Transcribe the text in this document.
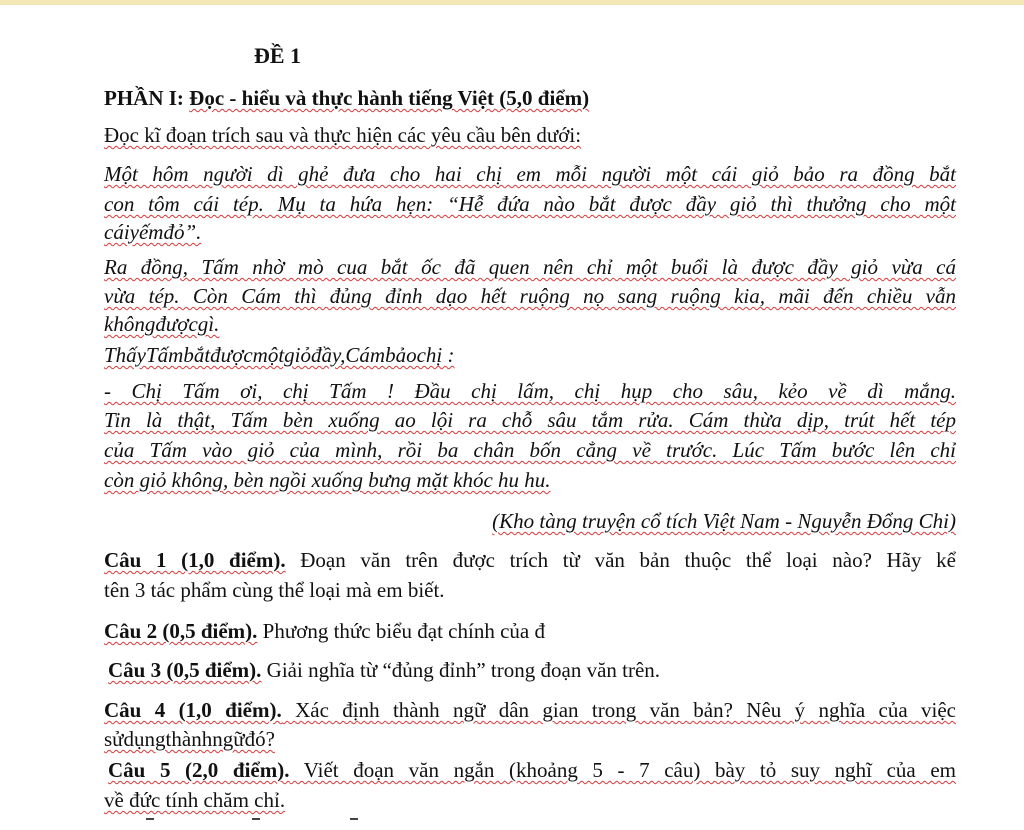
ĐỀ 1
PHẦN I: Đọc - hiểu và thực hành tiếng Việt (5,0 điểm)
Đọc kĩ đoạn trích sau và thực hiện các yêu cầu bên dưới:
Một hôm người dì ghẻ đưa cho hai chị em mỗi người một cái giỏ bảo ra đồng bắt
con tôm cái tép. Mụ ta hứa hẹn: “Hễ đứa nào bắt được đầy giỏ thì thưởng cho một
cáiyếmđỏ”.
Ra đồng, Tấm nhờ mò cua bắt ốc đã quen nên chỉ một buổi là được đầy giỏ vừa cá
vừa tép. Còn Cám thì đủng đỉnh dạo hết ruộng nọ sang ruộng kia, mãi đến chiều vẫn
khôngđượcgì.
ThấyTấmbắtđượcmộtgiỏđầy,Cámbảochị :
- Chị Tấm ơi, chị Tấm ! Đầu chị lấm, chị hụp cho sâu, kẻo về dì mắng.
Tin là thật, Tấm bèn xuống ao lội ra chỗ sâu tắm rửa. Cám thừa dịp, trút hết tép
của Tấm vào giỏ của mình, rồi ba chân bốn cẳng về trước. Lúc Tấm bước lên chỉ
còn giỏ không, bèn ngồi xuống bưng mặt khóc hu hu.
(Kho tàng truyện cổ tích Việt Nam - Nguyễn Đổng Chi)
Câu 1 (1,0 điểm). Đoạn văn trên được trích từ văn bản thuộc thể loại nào? Hãy kể
tên 3 tác phẩm cùng thể loại mà em biết.
Câu 2 (0,5 điểm). Phương thức biểu đạt chính của đ
Câu 3 (0,5 điểm). Giải nghĩa từ “đủng đỉnh” trong đoạn văn trên.
Câu 4 (1,0 điểm). Xác định thành ngữ dân gian trong văn bản? Nêu ý nghĩa của việc
sửdụngthànhngữđó?
Câu 5 (2,0 điểm). Viết đoạn văn ngắn (khoảng 5 - 7 câu) bày tỏ suy nghĩ của em
về đức tính chăm chỉ.
